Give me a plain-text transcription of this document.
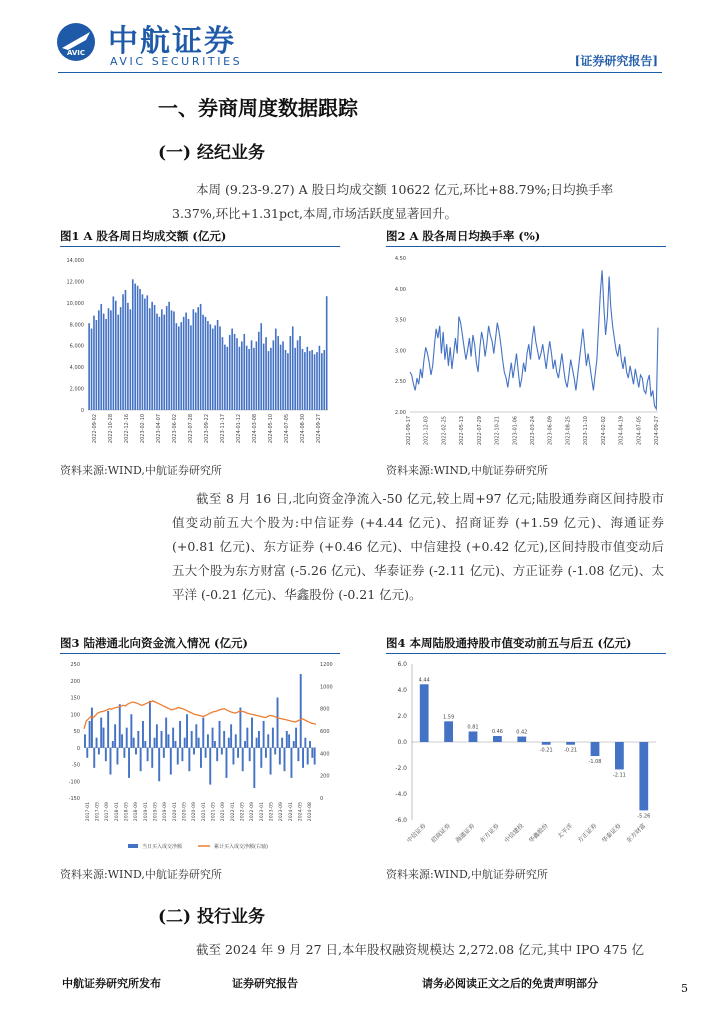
AVIC 中航证券
AVIC SECURITIES	[证券研究报告]
一、券商周度数据跟踪
(一) 经纪业务
本周 (9.23-9.27) A 股日均成交额 10622 亿元,环比+88.79%;日均换手率
3.37%,环比+1.31pct,本周,市场活跃度显著回升。
图1 A 股各周日均成交额 (亿元)
0
2,000
4,000
6,000
8,000
10,000
12,000
14,000
2022-09-02 2022-10-28 2022-12-16 2023-02-10 2023-04-07 2023-06-02 2023-07-28 2023-09-22 2023-11-17 2024-01-12 2024-03-08 2024-05-10 2024-07-05 2024-08-30 2024-09-27
资料来源:WIND,中航证券研究所
图2 A 股各周日均换手率 (%)
2.00
2.50
3.00
3.50
4.00
4.50
2021-09-17 2021-12-03 2022-02-25 2022-05-13 2022-07-29 2022-10-21 2023-01-06 2023-03-24 2023-06-09 2023-08-25 2023-11-10 2024-02-02 2024-04-19 2024-07-05 2024-09-27
资料来源:WIND,中航证券研究所
截至 8 月 16 日,北向资金净流入-50 亿元,较上周+97 亿元;陆股通券商区间持股市值变动前五大个股为:中信证券 (+4.44 亿元)、招商证券 (+1.59 亿元)、海通证券 (+0.81 亿元)、东方证券 (+0.46 亿元)、中信建投 (+0.42 亿元),区间持股市值变动后五大个股为东方财富 (-5.26 亿元)、华泰证券 (-2.11 亿元)、方正证券 (-1.08 亿元)、太平洋 (-0.21 亿元)、华鑫股份 (-0.21 亿元)。
图3 陆港通北向资金流入情况 (亿元)
-150
-100
-50
0
50
100
150
200
250
0
200
400
600
800
1000
1200
2017-01 2017-05 2017-09 2018-01 2018-05 2018-09 2019-01 2019-05 2019-09 2020-01 2020-05 2020-09 2021-01 2021-05 2021-09 2022-01 2022-05 2022-09 2023-01 2023-05 2023-09 2024-01 2024-05 2024-08
当日买入成交净额	累计买入成交净额(右轴)
资料来源:WIND,中航证券研究所
图4 本周陆股通持股市值变动前五与后五 (亿元)
6.0
4.0
2.0
0.0
-2.0
-4.0
-6.0
4.44
中信证券
1.59
招商证券
0.81
海通证券
0.46
东方证券
0.42
中信建投
-0.21
华鑫股份
-0.21
太平洋
-1.08
方正证券
-2.11
华泰证券
-5.26
东方财富
资料来源:WIND,中航证券研究所
(二) 投行业务
截至 2024 年 9 月 27 日,本年股权融资规模达 2,272.08 亿元,其中 IPO 475 亿
中航证券研究所发布	证券研究报告	请务必阅读正文之后的免责声明部分	5
